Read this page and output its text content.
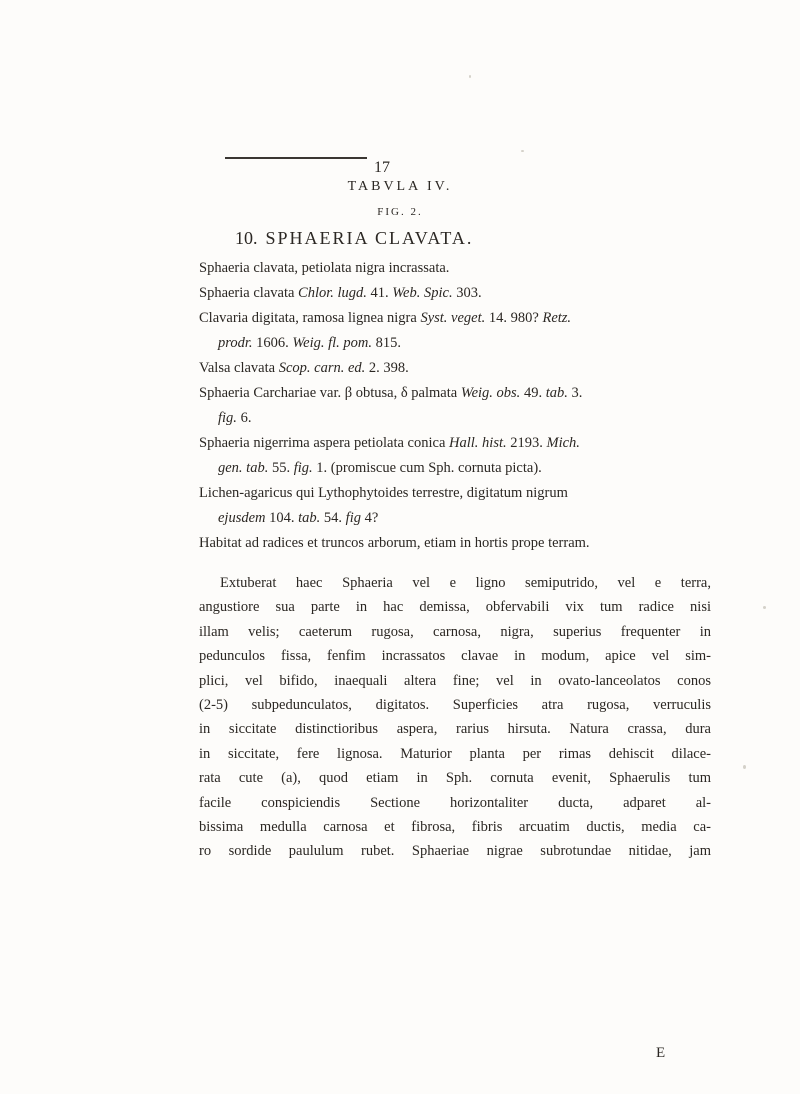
17
TABVLA IV.
FIG. 2.
10. SPHAERIA CLAVATA.
Sphaeria clavata, petiolata nigra incrassata.
Sphaeria clavata Chlor. lugd. 41. Web. Spic. 303.
Clavaria digitata, ramosa lignea nigra Syst. veget. 14. 980? Retz.
prodr. 1606. Weig. fl. pom. 815.
Valsa clavata Scop. carn. ed. 2. 398.
Sphaeria Carchariae var. β obtusa, δ palmata Weig. obs. 49. tab. 3.
fig. 6.
Sphaeria nigerrima aspera petiolata conica Hall. hist. 2193. Mich.
gen. tab. 55. fig. 1. (promiscue cum Sph. cornuta picta).
Lichen-agaricus qui Lythophytoides terrestre, digitatum nigrum
ejusdem 104. tab. 54. fig 4?
Habitat ad radices et truncos arborum, etiam in hortis prope terram.
Extuberat haec Sphaeria vel e ligno semiputrido, vel e terra,
angustiore sua parte in hac demissa, obfervabili vix tum radice nisi
illam velis; caeterum rugosa, carnosa, nigra, superius frequenter in
pedunculos fissa, fenfim incrassatos clavae in modum, apice vel sim-
plici, vel bifido, inaequali altera fine; vel in ovato-lanceolatos conos
(2-5) subpedunculatos, digitatos. Superficies atra rugosa, verruculis
in siccitate distinctioribus aspera, rarius hirsuta. Natura crassa, dura
in siccitate, fere lignosa. Maturior planta per rimas dehiscit dilace-
rata cute (a), quod etiam in Sph. cornuta evenit, Sphaerulis tum
facile conspiciendis Sectione horizontaliter ducta, adparet al-
bissima medulla carnosa et fibrosa, fibris arcuatim ductis, media ca-
ro sordide paululum rubet. Sphaeriae nigrae subrotundae nitidae, jam
E
